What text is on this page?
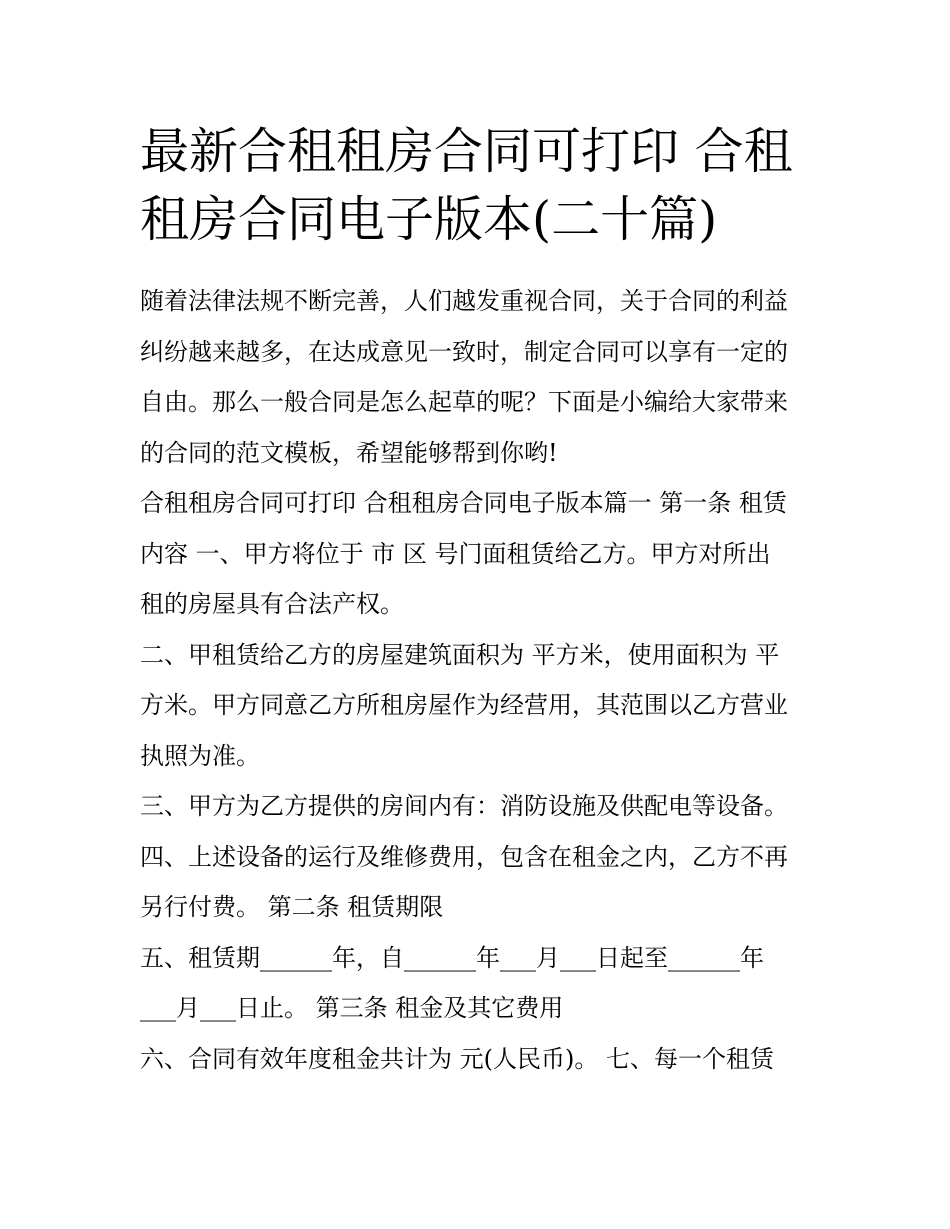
最新合租租房合同可打印 合租
租房合同电子版本(二十篇)

随着法律法规不断完善，人们越发重视合同，关于合同的利益
纠纷越来越多，在达成意见一致时，制定合同可以享有一定的
自由。那么一般合同是怎么起草的呢？下面是小编给大家带来
的合同的范文模板，希望能够帮到你哟!

合租租房合同可打印 合租租房合同电子版本篇一 第一条 租赁
内容 一、甲方将位于 市 区 号门面租赁给乙方。甲方对所出
租的房屋具有合法产权。

二、甲租赁给乙方的房屋建筑面积为 平方米，使用面积为 平
方米。甲方同意乙方所租房屋作为经营用，其范围以乙方营业
执照为准。

三、甲方为乙方提供的房间内有：消防设施及供配电等设备。

四、上述设备的运行及维修费用，包含在租金之内，乙方不再
另行付费。 第二条 租赁期限

五、租赁期______年，自______年___月___日起至______年
___月___日止。 第三条 租金及其它费用

六、合同有效年度租金共计为 元(人民币)。 七、每一个租赁
